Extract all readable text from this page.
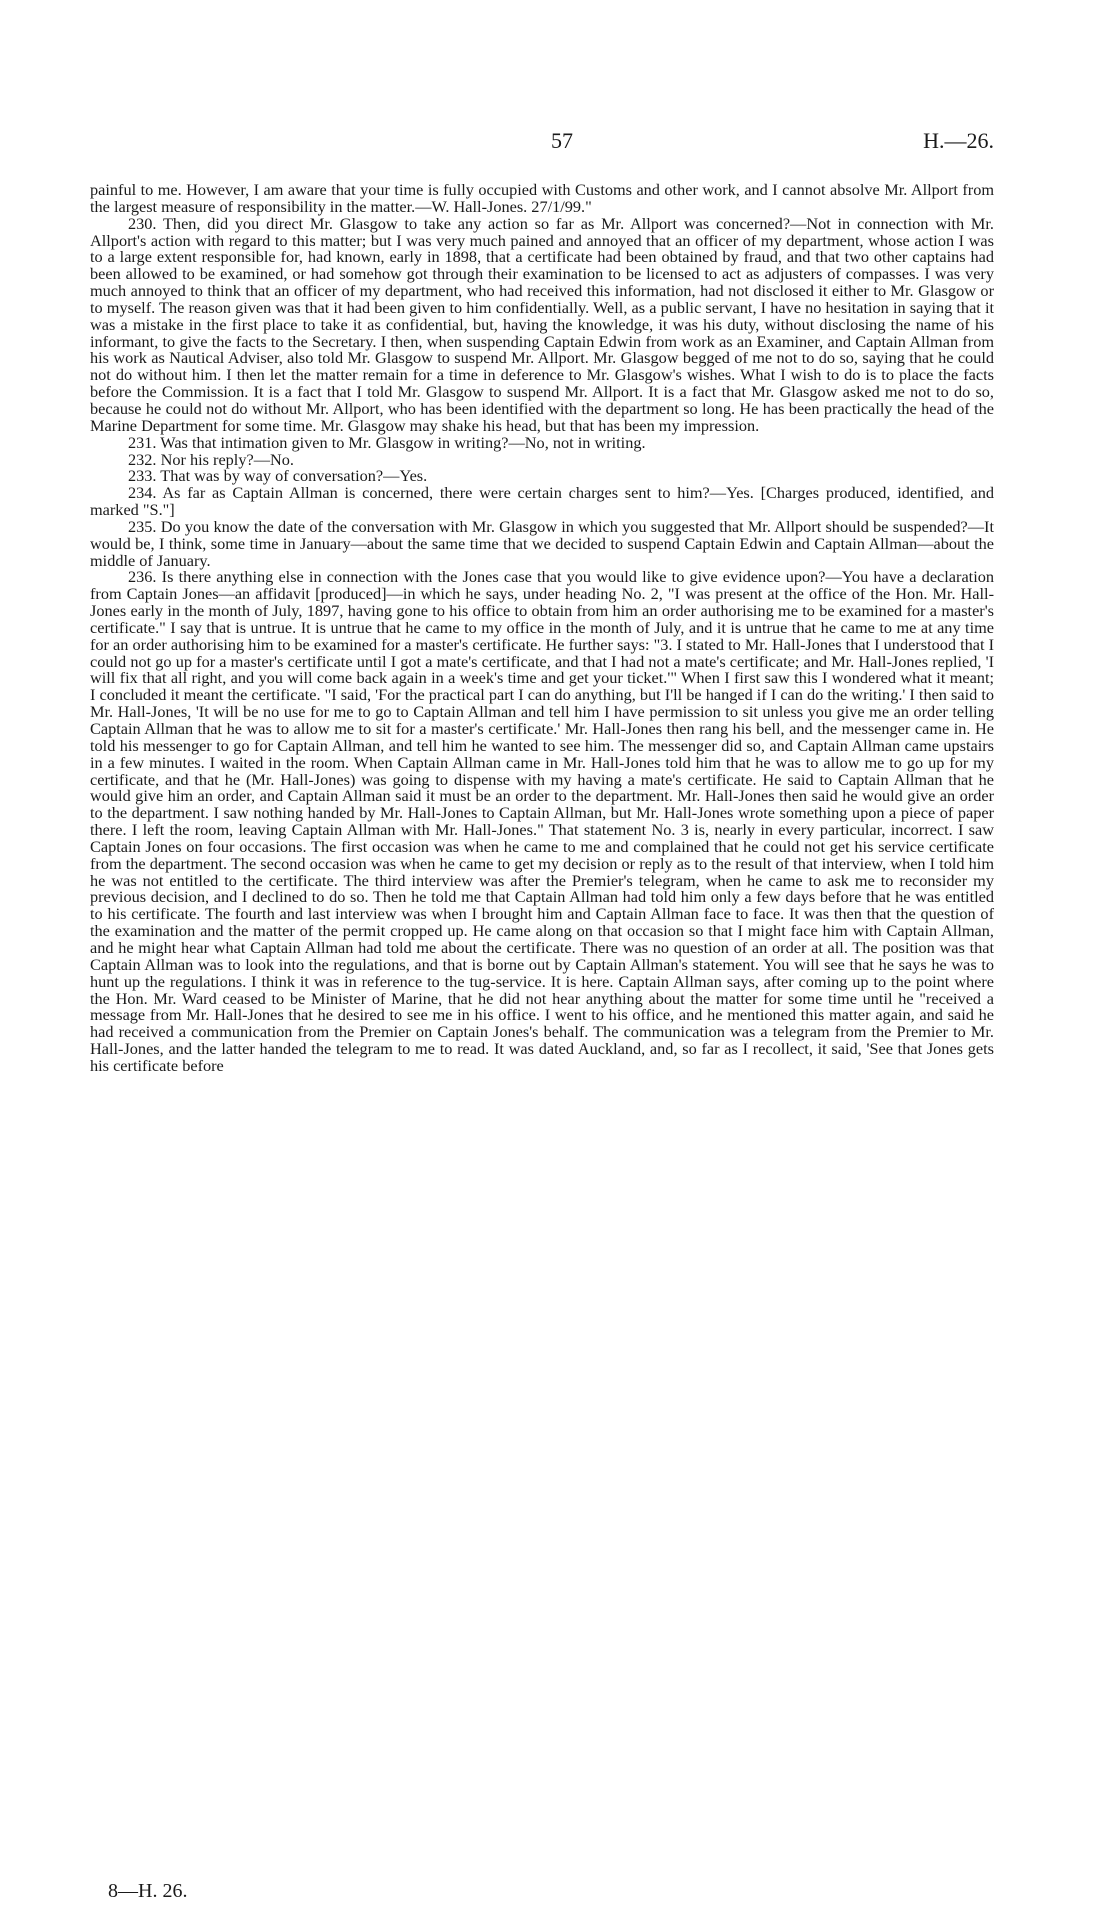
57	H.—26.

painful to me. However, I am aware that your time is fully occupied with Customs and other work, and I cannot absolve Mr. Allport from the largest measure of responsibility in the matter.—W. Hall-Jones. 27/1/99."

230. Then, did you direct Mr. Glasgow to take any action so far as Mr. Allport was concerned?—Not in connection with Mr. Allport's action with regard to this matter; but I was very much pained and annoyed that an officer of my department, whose action I was to a large extent responsible for, had known, early in 1898, that a certificate had been obtained by fraud, and that two other captains had been allowed to be examined, or had somehow got through their examination to be licensed to act as adjusters of compasses. I was very much annoyed to think that an officer of my department, who had received this information, had not disclosed it either to Mr. Glasgow or to myself. The reason given was that it had been given to him confidentially. Well, as a public servant, I have no hesitation in saying that it was a mistake in the first place to take it as confidential, but, having the knowledge, it was his duty, without disclosing the name of his informant, to give the facts to the Secretary. I then, when suspending Captain Edwin from work as an Examiner, and Captain Allman from his work as Nautical Adviser, also told Mr. Glasgow to suspend Mr. Allport. Mr. Glasgow begged of me not to do so, saying that he could not do without him. I then let the matter remain for a time in deference to Mr. Glasgow's wishes. What I wish to do is to place the facts before the Commission. It is a fact that I told Mr. Glasgow to suspend Mr. Allport. It is a fact that Mr. Glasgow asked me not to do so, because he could not do without Mr. Allport, who has been identified with the department so long. He has been practically the head of the Marine Department for some time. Mr. Glasgow may shake his head, but that has been my impression.

231. Was that intimation given to Mr. Glasgow in writing?—No, not in writing.

232. Nor his reply?—No.

233. That was by way of conversation?—Yes.

234. As far as Captain Allman is concerned, there were certain charges sent to him?—Yes. [Charges produced, identified, and marked "S."]

235. Do you know the date of the conversation with Mr. Glasgow in which you suggested that Mr. Allport should be suspended?—It would be, I think, some time in January—about the same time that we decided to suspend Captain Edwin and Captain Allman—about the middle of January.

236. Is there anything else in connection with the Jones case that you would like to give evidence upon?—You have a declaration from Captain Jones—an affidavit [produced]—in which he says, under heading No. 2, "I was present at the office of the Hon. Mr. Hall-Jones early in the month of July, 1897, having gone to his office to obtain from him an order authorising me to be examined for a master's certificate." I say that is untrue. It is untrue that he came to my office in the month of July, and it is untrue that he came to me at any time for an order authorising him to be examined for a master's certificate. He further says: "3. I stated to Mr. Hall-Jones that I understood that I could not go up for a master's certificate until I got a mate's certificate, and that I had not a mate's certificate; and Mr. Hall-Jones replied, 'I will fix that all right, and you will come back again in a week's time and get your ticket.'" When I first saw this I wondered what it meant; I concluded it meant the certificate. "I said, 'For the practical part I can do anything, but I'll be hanged if I can do the writing.' I then said to Mr. Hall-Jones, 'It will be no use for me to go to Captain Allman and tell him I have permission to sit unless you give me an order telling Captain Allman that he was to allow me to sit for a master's certificate.' Mr. Hall-Jones then rang his bell, and the messenger came in. He told his messenger to go for Captain Allman, and tell him he wanted to see him. The messenger did so, and Captain Allman came upstairs in a few minutes. I waited in the room. When Captain Allman came in Mr. Hall-Jones told him that he was to allow me to go up for my certificate, and that he (Mr. Hall-Jones) was going to dispense with my having a mate's certificate. He said to Captain Allman that he would give him an order, and Captain Allman said it must be an order to the department. Mr. Hall-Jones then said he would give an order to the department. I saw nothing handed by Mr. Hall-Jones to Captain Allman, but Mr. Hall-Jones wrote something upon a piece of paper there. I left the room, leaving Captain Allman with Mr. Hall-Jones." That statement No. 3 is, nearly in every particular, incorrect. I saw Captain Jones on four occasions. The first occasion was when he came to me and complained that he could not get his service certificate from the department. The second occasion was when he came to get my decision or reply as to the result of that interview, when I told him he was not entitled to the certificate. The third interview was after the Premier's telegram, when he came to ask me to reconsider my previous decision, and I declined to do so. Then he told me that Captain Allman had told him only a few days before that he was entitled to his certificate. The fourth and last interview was when I brought him and Captain Allman face to face. It was then that the question of the examination and the matter of the permit cropped up. He came along on that occasion so that I might face him with Captain Allman, and he might hear what Captain Allman had told me about the certificate. There was no question of an order at all. The position was that Captain Allman was to look into the regulations, and that is borne out by Captain Allman's statement. You will see that he says he was to hunt up the regulations. I think it was in reference to the tug-service. It is here. Captain Allman says, after coming up to the point where the Hon. Mr. Ward ceased to be Minister of Marine, that he did not hear anything about the matter for some time until he "received a message from Mr. Hall-Jones that he desired to see me in his office. I went to his office, and he mentioned this matter again, and said he had received a communication from the Premier on Captain Jones's behalf. The communication was a telegram from the Premier to Mr. Hall-Jones, and the latter handed the telegram to me to read. It was dated Auckland, and, so far as I recollect, it said, 'See that Jones gets his certificate before

8—H. 26.
